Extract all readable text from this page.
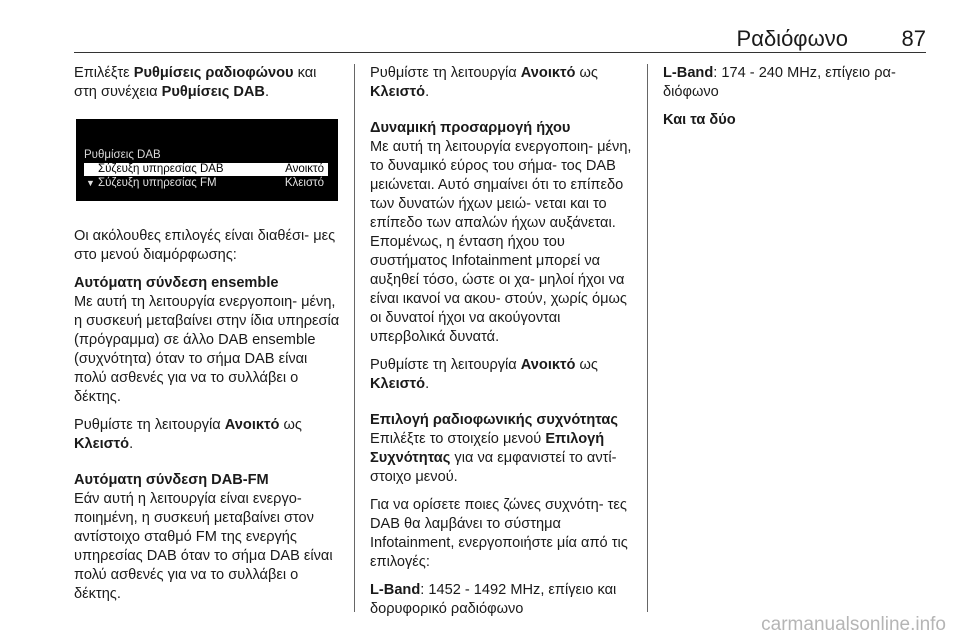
Ραδιόφωνο 87

Επιλέξτε Ρυθμίσεις ραδιοφώνου και στη συνέχεια Ρυθμίσεις DAB.

Ρυθμίσεις DAB
Σύζευξη υπηρεσίας DAB	Ανοικτό
▼ Σύζευξη υπηρεσίας FM	Κλειστό

Οι ακόλουθες επιλογές είναι διαθέσι- μες στο μενού διαμόρφωσης:

Αυτόματη σύνδεση ensemble

Με αυτή τη λειτουργία ενεργοποιη- μένη, η συσκευή μεταβαίνει στην ίδια υπηρεσία (πρόγραμμα) σε άλλο DAB ensemble (συχνότητα) όταν το σήμα DAB είναι πολύ ασθενές για να το συλλάβει ο δέκτης.

Ρυθμίστε τη λειτουργία Ανοικτό ως Κλειστό.

Αυτόματη σύνδεση DAB-FM

Εάν αυτή η λειτουργία είναι ενεργο- ποιημένη, η συσκευή μεταβαίνει στον αντίστοιχο σταθμό FM της ενεργής υπηρεσίας DAB όταν το σήμα DAB είναι πολύ ασθενές για να το συλλάβει ο δέκτης.

Ρυθμίστε τη λειτουργία Ανοικτό ως Κλειστό.

Δυναμική προσαρμογή ήχου

Με αυτή τη λειτουργία ενεργοποιη- μένη, το δυναμικό εύρος του σήμα- τος DAB μειώνεται. Αυτό σημαίνει ότι το επίπεδο των δυνατών ήχων μειώ- νεται και το επίπεδο των απαλών ήχων αυξάνεται. Επομένως, η ένταση ήχου του συστήματος Infotainment μπορεί να αυξηθεί τόσο, ώστε οι χα- μηλοί ήχοι να είναι ικανοί να ακου- στούν, χωρίς όμως οι δυνατοί ήχοι να ακούγονται υπερβολικά δυνατά.

Ρυθμίστε τη λειτουργία Ανοικτό ως Κλειστό.

Επιλογή ραδιοφωνικής συχνότητας

Επιλέξτε το στοιχείο μενού Επιλογή Συχνότητας για να εμφανιστεί το αντί- στοιχο μενού.

Για να ορίσετε ποιες ζώνες συχνότη- τες DAB θα λαμβάνει το σύστημα Infotainment, ενεργοποιήστε μία από τις επιλογές:

L-Band: 1452 - 1492 MHz, επίγειο και δορυφορικό ραδιόφωνο

L-Band: 174 - 240 MHz, επίγειο ρα- διόφωνο

Και τα δύο

carmanualsonline.info
